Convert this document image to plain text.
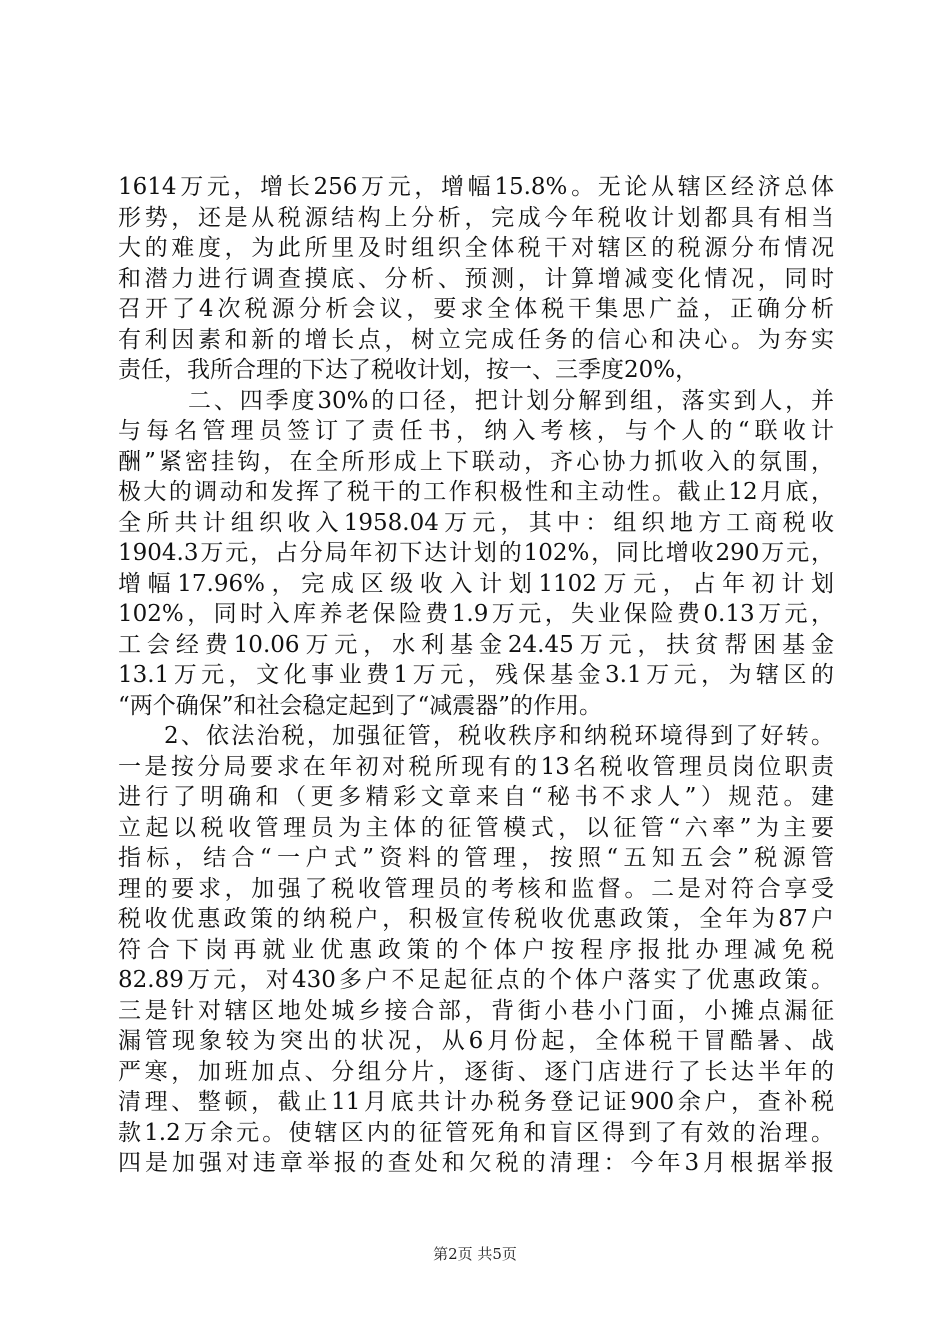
1614万元，增长256万元，增幅15.8%。无论从辖区经济总体
形势，还是从税源结构上分析，完成今年税收计划都具有相当
大的难度，为此所里及时组织全体税干对辖区的税源分布情况
和潜力进行调查摸底、分析、预测，计算增减变化情况，同时
召开了4次税源分析会议，要求全体税干集思广益，正确分析
有利因素和新的增长点，树立完成任务的信心和决心。为夯实
责任，我所合理的下达了税收计划，按一、三季度20%，
二、四季度30%的口径，把计划分解到组，落实到人，并
与每名管理员签订了责任书，纳入考核，与个人的“联收计
酬”紧密挂钩，在全所形成上下联动，齐心协力抓收入的氛围，
极大的调动和发挥了税干的工作积极性和主动性。截止12月底，
全所共计组织收入1958.04万元，其中：组织地方工商税收
1904.3万元，占分局年初下达计划的102%，同比增收290万元，
增幅17.96%，完成区级收入计划1102万元，占年初计划
102%，同时入库养老保险费1.9万元，失业保险费0.13万元，
工会经费10.06万元，水利基金24.45万元，扶贫帮困基金
13.1万元，文化事业费1万元，残保基金3.1万元，为辖区的
“两个确保”和社会稳定起到了“减震器”的作用。
2、依法治税，加强征管，税收秩序和纳税环境得到了好转。
一是按分局要求在年初对税所现有的13名税收管理员岗位职责
进行了明确和（更多精彩文章来自“秘书不求人”）规范。建
立起以税收管理员为主体的征管模式，以征管“六率”为主要
指标，结合“一户式”资料的管理，按照“五知五会”税源管
理的要求，加强了税收管理员的考核和监督。二是对符合享受
税收优惠政策的纳税户，积极宣传税收优惠政策，全年为87户
符合下岗再就业优惠政策的个体户按程序报批办理减免税
82.89万元，对430多户不足起征点的个体户落实了优惠政策。
三是针对辖区地处城乡接合部，背街小巷小门面，小摊点漏征
漏管现象较为突出的状况，从6月份起，全体税干冒酷暑、战
严寒，加班加点、分组分片，逐街、逐门店进行了长达半年的
清理、整顿，截止11月底共计办税务登记证900余户，查补税
款1.2万余元。使辖区内的征管死角和盲区得到了有效的治理。
四是加强对违章举报的查处和欠税的清理：今年3月根据举报
第2页 共5页
